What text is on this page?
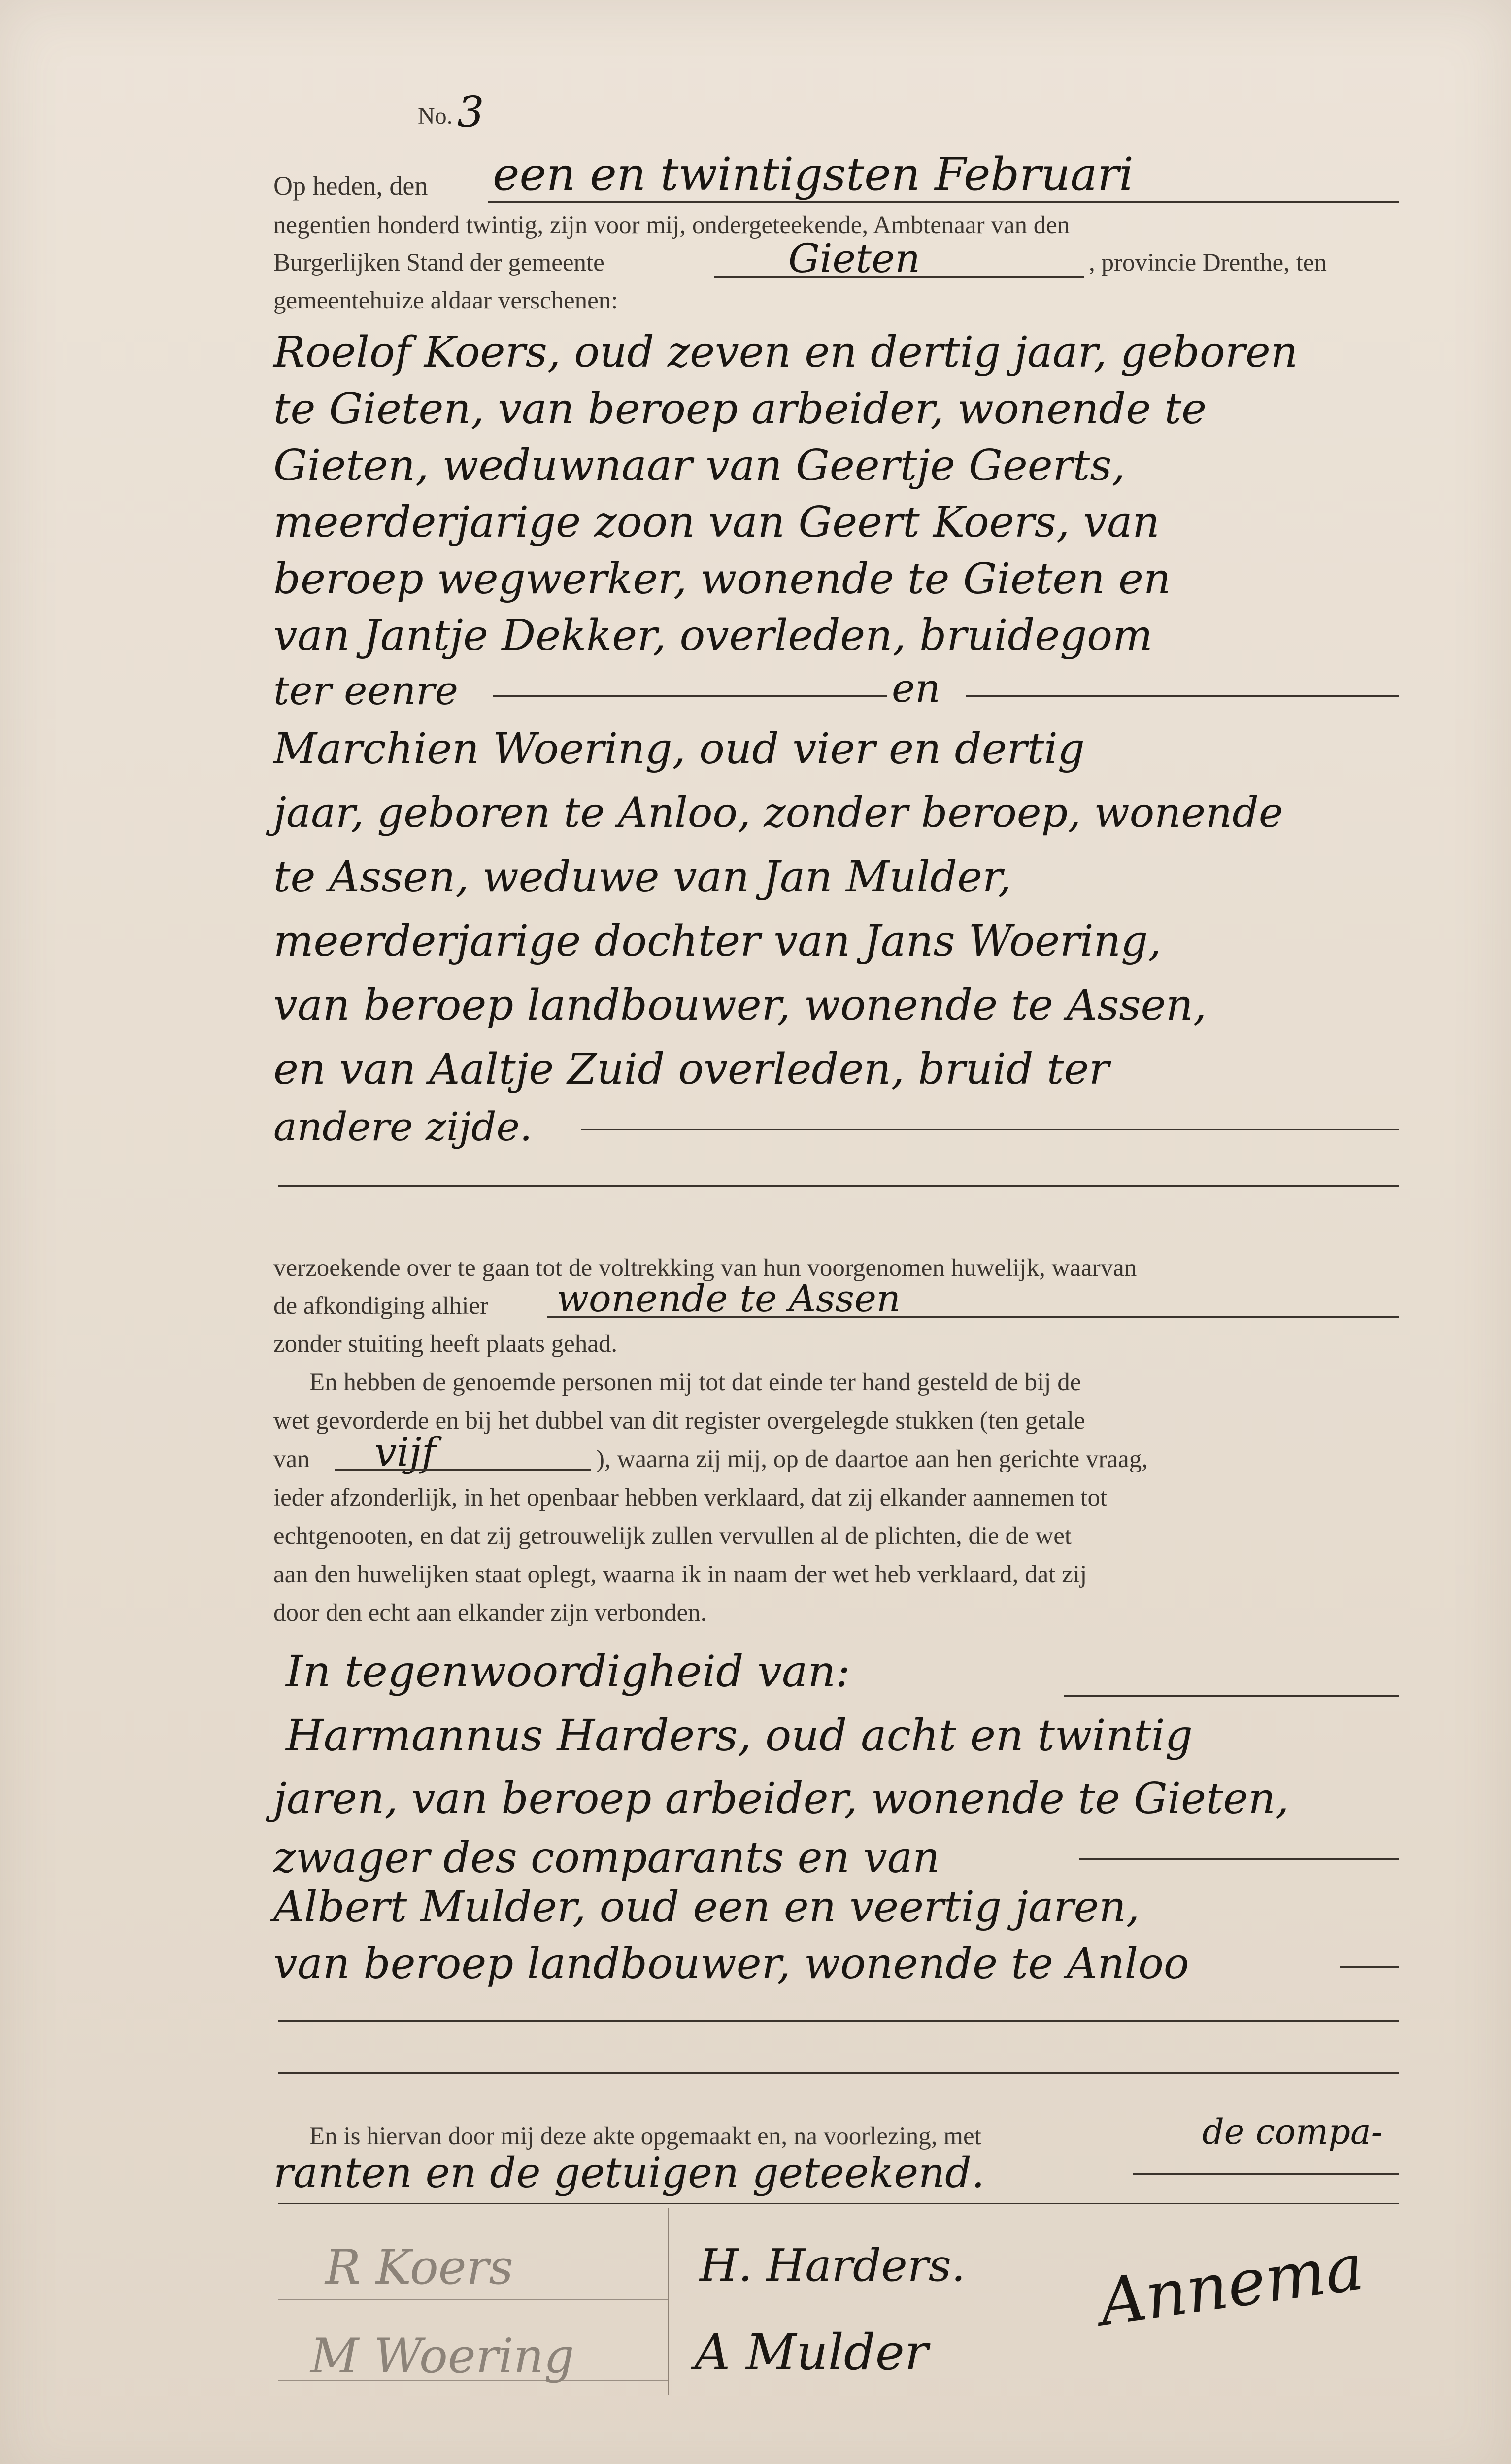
No. 3
Op heden, den een en twintigsten Februari
negentien honderd twintig, zijn voor mij, ondergeteekende, Ambtenaar van den
Burgerlijken Stand der gemeente	Gieten	, provincie Drenthe, ten
gemeentehuize aldaar verschenen:
Roelof Koers, oud zeven en dertig jaar, geboren
te Gieten, van beroep arbeider, wonende te
Gieten, weduwnaar van Geertje Geerts,
meerderjarige zoon van Geert Koers, van
beroep wegwerker, wonende te Gieten en
van Jantje Dekker, overleden, bruidegom
ter eenre	en
Marchien Woering, oud vier en dertig
jaar, geboren te Anloo, zonder beroep, wonende
te Assen, weduwe van Jan Mulder,
meerderjarige dochter van Jans Woering,
van beroep landbouwer, wonende te Assen,
en van Aaltje Zuid overleden, bruid ter
andere zijde.
verzoekende over te gaan tot de voltrekking van hun voorgenomen huwelijk, waarvan
de afkondiging alhier wonende te Assen
zonder stuiting heeft plaats gehad.
En hebben de genoemde personen mij tot dat einde ter hand gesteld de bij de
wet gevorderde en bij het dubbel van dit register overgelegde stukken (ten getale
van vijf	), waarna zij mij, op de daartoe aan hen gerichte vraag,
ieder afzonderlijk, in het openbaar hebben verklaard, dat zij elkander aannemen tot
echtgenooten, en dat zij getrouwelijk zullen vervullen al de plichten, die de wet
aan den huwelijken staat oplegt, waarna ik in naam der wet heb verklaard, dat zij
door den echt aan elkander zijn verbonden.
In tegenwoordigheid van:
Harmannus Harders, oud acht en twintig
jaren, van beroep arbeider, wonende te Gieten,
zwager des comparants en van
Albert Mulder, oud een en veertig jaren,
van beroep landbouwer, wonende te Anloo
En is hiervan door mij deze akte opgemaakt en, na voorlezing, met	de compa-
ranten en de getuigen geteekend.
R Koers	H. Harders.
M Woering A Mulder
Annema
